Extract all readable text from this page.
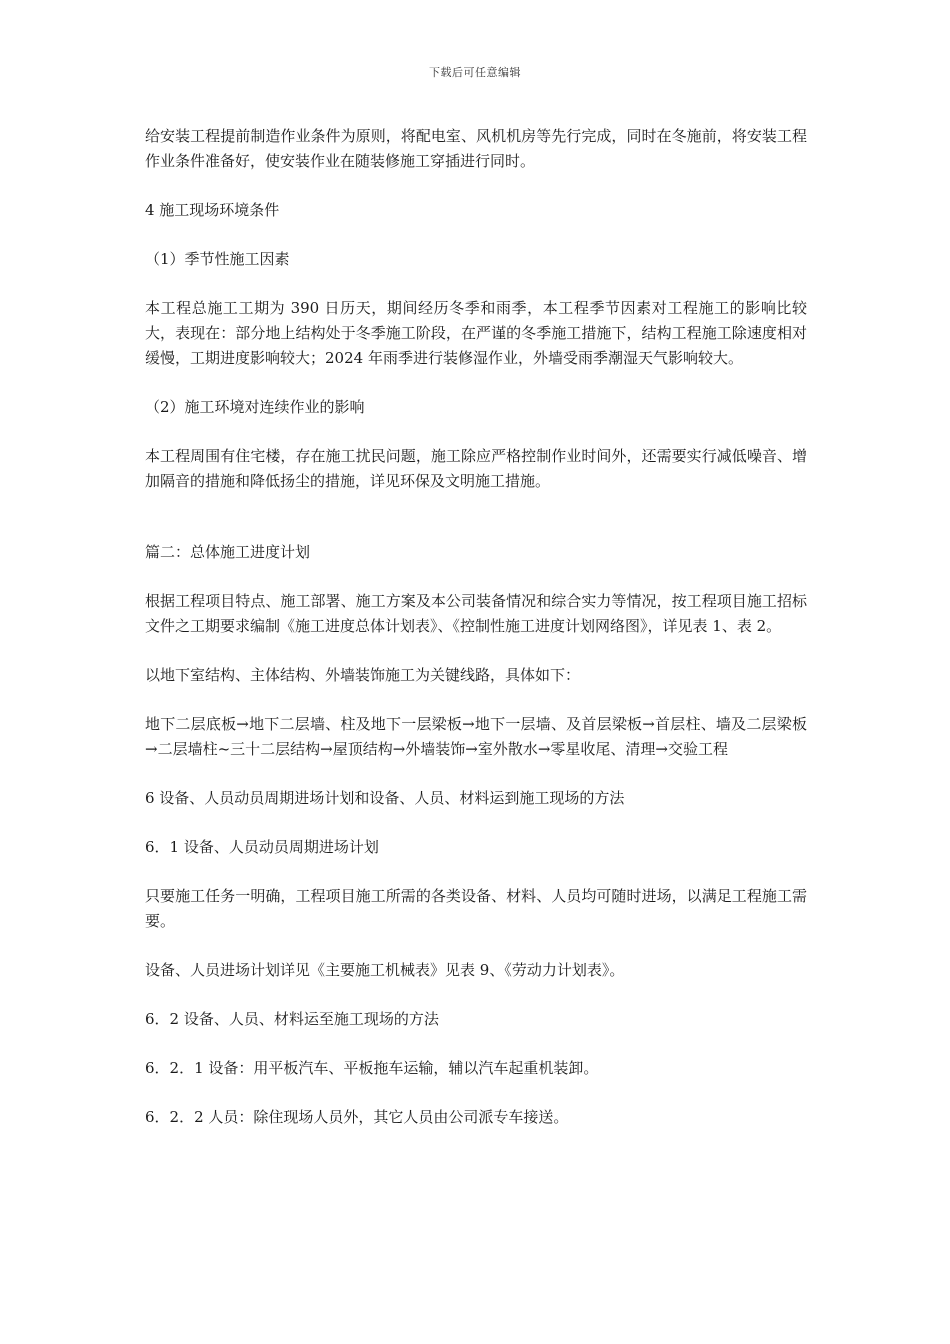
下载后可任意编辑

给安装工程提前制造作业条件为原则，将配电室、风机机房等先行完成，同时在冬施前，将安装工程作业条件准备好，使安装作业在随装修施工穿插进行同时。

4 施工现场环境条件

（1）季节性施工因素

本工程总施工工期为 390 日历天，期间经历冬季和雨季，本工程季节因素对工程施工的影响比较大，表现在：部分地上结构处于冬季施工阶段，在严谨的冬季施工措施下，结构工程施工除速度相对缓慢，工期进度影响较大；2024 年雨季进行装修湿作业，外墙受雨季潮湿天气影响较大。

（2）施工环境对连续作业的影响

本工程周围有住宅楼，存在施工扰民问题，施工除应严格控制作业时间外，还需要实行减低噪音、增加隔音的措施和降低扬尘的措施，详见环保及文明施工措施。

篇二：总体施工进度计划

根据工程项目特点、施工部署、施工方案及本公司装备情况和综合实力等情况，按工程项目施工招标文件之工期要求编制《施工进度总体计划表》、《控制性施工进度计划网络图》，详见表 1、表 2。

以地下室结构、主体结构、外墙装饰施工为关键线路，具体如下：

地下二层底板→地下二层墙、柱及地下一层梁板→地下一层墙、及首层梁板→首层柱、墙及二层梁板→二层墙柱~三十二层结构→屋顶结构→外墙装饰→室外散水→零星收尾、清理→交验工程

6 设备、人员动员周期进场计划和设备、人员、材料运到施工现场的方法

6．1 设备、人员动员周期进场计划

只要施工任务一明确，工程项目施工所需的各类设备、材料、人员均可随时进场，以满足工程施工需要。

设备、人员进场计划详见《主要施工机械表》见表 9、《劳动力计划表》。

6．2 设备、人员、材料运至施工现场的方法

6．2．1 设备：用平板汽车、平板拖车运输，辅以汽车起重机装卸。

6．2．2 人员：除住现场人员外，其它人员由公司派专车接送。
